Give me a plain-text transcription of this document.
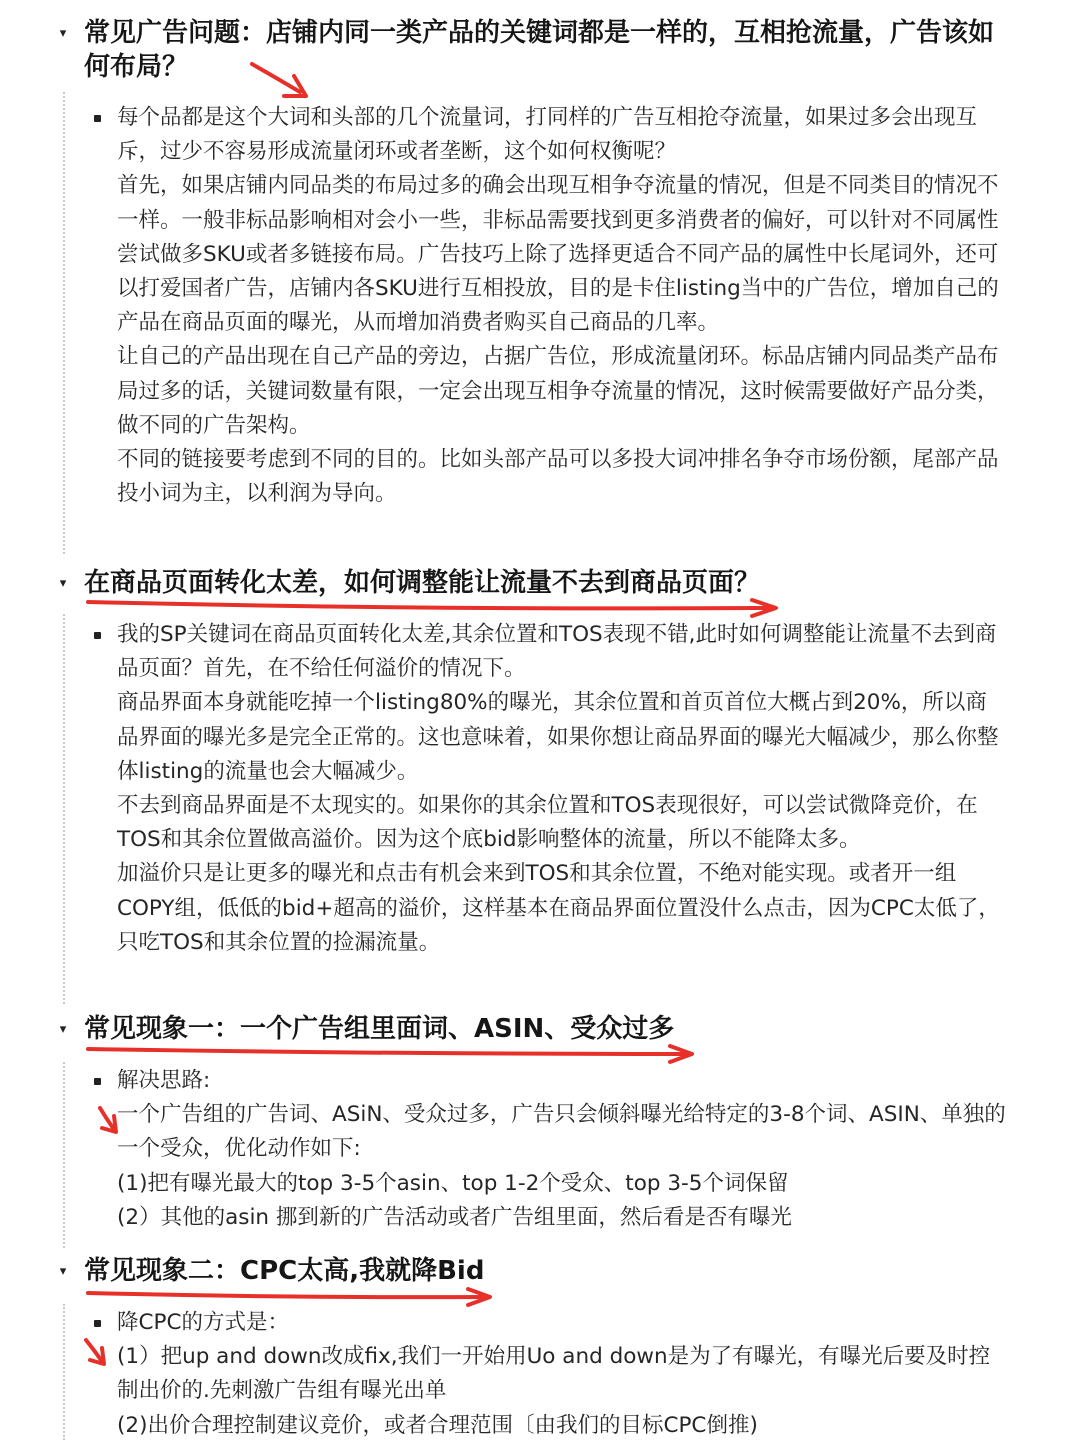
▾ 常见广告问题：店铺内同一类产品的关键词都是一样的，互相抢流量，广告该如何布局？
每个品都是这个大词和头部的几个流量词，打同样的广告互相抢夺流量，如果过多会出现互斥，过少不容易形成流量闭环或者垄断，这个如何权衡呢？
首先，如果店铺内同品类的布局过多的确会出现互相争夺流量的情况，但是不同类目的情况不一样。一般非标品影响相对会小一些，非标品需要找到更多消费者的偏好，可以针对不同属性尝试做多SKU或者多链接布局。广告技巧上除了选择更适合不同产品的属性中长尾词外，还可以打爱国者广告，店铺内各SKU进行互相投放，目的是卡住listing当中的广告位，增加自己的产品在商品页面的曝光，从而增加消费者购买自己商品的几率。
让自己的产品出现在自己产品的旁边，占据广告位，形成流量闭环。标品店铺内同品类产品布局过多的话，关键词数量有限，一定会出现互相争夺流量的情况，这时候需要做好产品分类，做不同的广告架构。
不同的链接要考虑到不同的目的。比如头部产品可以多投大词冲排名争夺市场份额，尾部产品投小词为主，以利润为导向。
▾ 在商品页面转化太差，如何调整能让流量不去到商品页面？
我的SP关键词在商品页面转化太差,其余位置和TOS表现不错,此时如何调整能让流量不去到商品页面？首先，在不给任何溢价的情况下。
商品界面本身就能吃掉一个listing80%的曝光，其余位置和首页首位大概占到20%，所以商品界面的曝光多是完全正常的。这也意味着，如果你想让商品界面的曝光大幅减少，那么你整体listing的流量也会大幅减少。
不去到商品界面是不太现实的。如果你的其余位置和TOS表现很好，可以尝试微降竞价，在TOS和其余位置做高溢价。因为这个底bid影响整体的流量，所以不能降太多。
加溢价只是让更多的曝光和点击有机会来到TOS和其余位置，不绝对能实现。或者开一组COPY组，低低的bid+超高的溢价，这样基本在商品界面位置没什么点击，因为CPC太低了，只吃TOS和其余位置的捡漏流量。
▾ 常见现象一：一个广告组里面词、ASIN、受众过多
解决思路:
一个广告组的广告词、ASiN、受众过多，广告只会倾斜曝光给特定的3-8个词、ASIN、单独的一个受众，优化动作如下:
(1)把有曝光最大的top 3-5个asin、top 1-2个受众、top 3-5个词保留
(2）其他的asin 挪到新的广告活动或者广告组里面，然后看是否有曝光
▾ 常见现象二：CPC太高,我就降Bid
降CPC的方式是：
(1）把up and down改成fix,我们一开始用Uo and down是为了有曝光，有曝光后要及时控制出价的.先刺激广告组有曝光出单
(2)出价合理控制建议竞价，或者合理范围〔由我们的目标CPC倒推)
